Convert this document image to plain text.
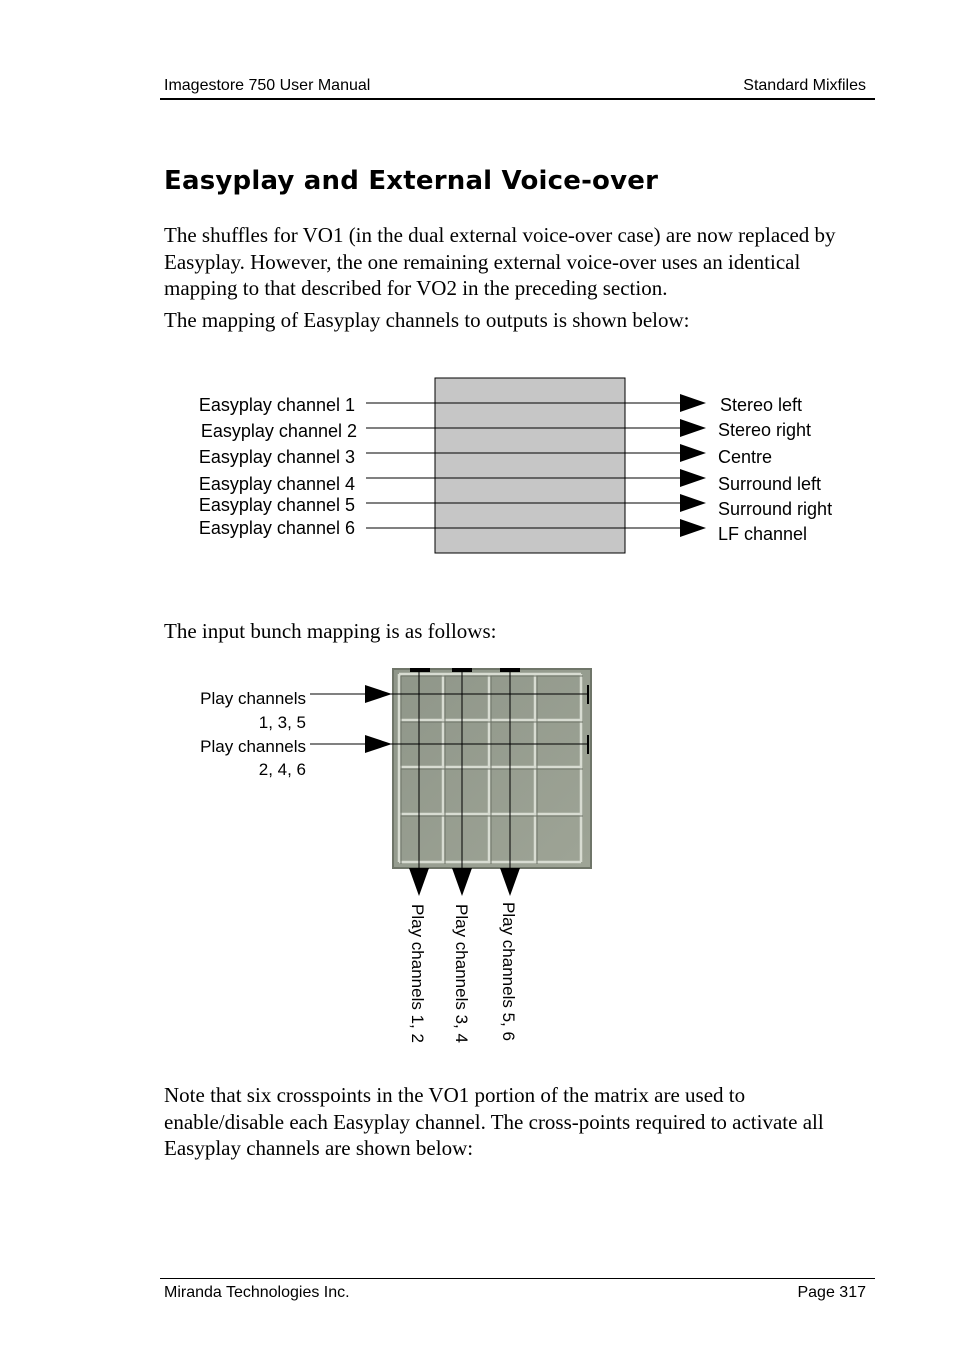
Imagestore 750 User Manual	Standard Mixfiles
Easyplay and External Voice-over
The shuffles for VO1 (in the dual external voice-over case) are now replaced by Easyplay. However, the one remaining external voice-over uses an identical mapping to that described for VO2 in the preceding section.
The mapping of Easyplay channels to outputs is shown below:
Easyplay channel 1
Easyplay channel 2
Easyplay channel 3
Easyplay channel 4
Easyplay channel 5
Easyplay channel 6
Stereo left
Stereo right
Centre
Surround left
Surround right
LF channel
The input bunch mapping is as follows:
Play channels
1, 3, 5
Play channels
2, 4, 6
Play channels 1, 2 Play channels 3, 4 Play channels 5, 6
Note that six crosspoints in the VO1 portion of the matrix are used to enable/disable each Easyplay channel. The cross-points required to activate all Easyplay channels are shown below:
Miranda Technologies Inc.	Page 317
